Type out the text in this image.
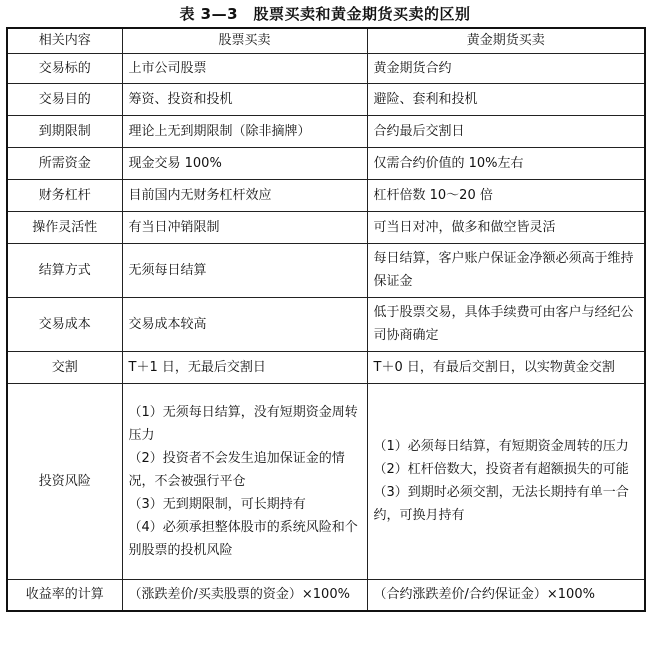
表 3—3　股票买卖和黄金期货买卖的区别
相关内容	股票买卖	黄金期货买卖
交易标的	上市公司股票	黄金期货合约
交易目的	筹资、投资和投机	避险、套利和投机
到期限制	理论上无到期限制（除非摘牌）	合约最后交割日
所需资金	现金交易 100%	仅需合约价值的 10%左右
财务杠杆	目前国内无财务杠杆效应	杠杆倍数 10～20 倍
操作灵活性	有当日冲销限制	可当日对冲，做多和做空皆灵活
结算方式	无须每日结算	每日结算，客户账户保证金净额必须高于维持保证金
交易成本	交易成本较高	低于股票交易，具体手续费可由客户与经纪公司协商确定
交割	T＋1 日，无最后交割日	T＋0 日，有最后交割日，以实物黄金交割
投资风险	（1）无须每日结算，没有短期资金周转压力
（2）投资者不会发生追加保证金的情况，不会被强行平仓
（3）无到期限制，可长期持有
（4）必须承担整体股市的系统风险和个别股票的投机风险	（1）必须每日结算，有短期资金周转的压力
（2）杠杆倍数大，投资者有超额损失的可能
（3）到期时必须交割，无法长期持有单一合约，可换月持有

收益率的计算	（涨跌差价/买卖股票的资金）×100%	（合约涨跌差价/合约保证金）×100%
